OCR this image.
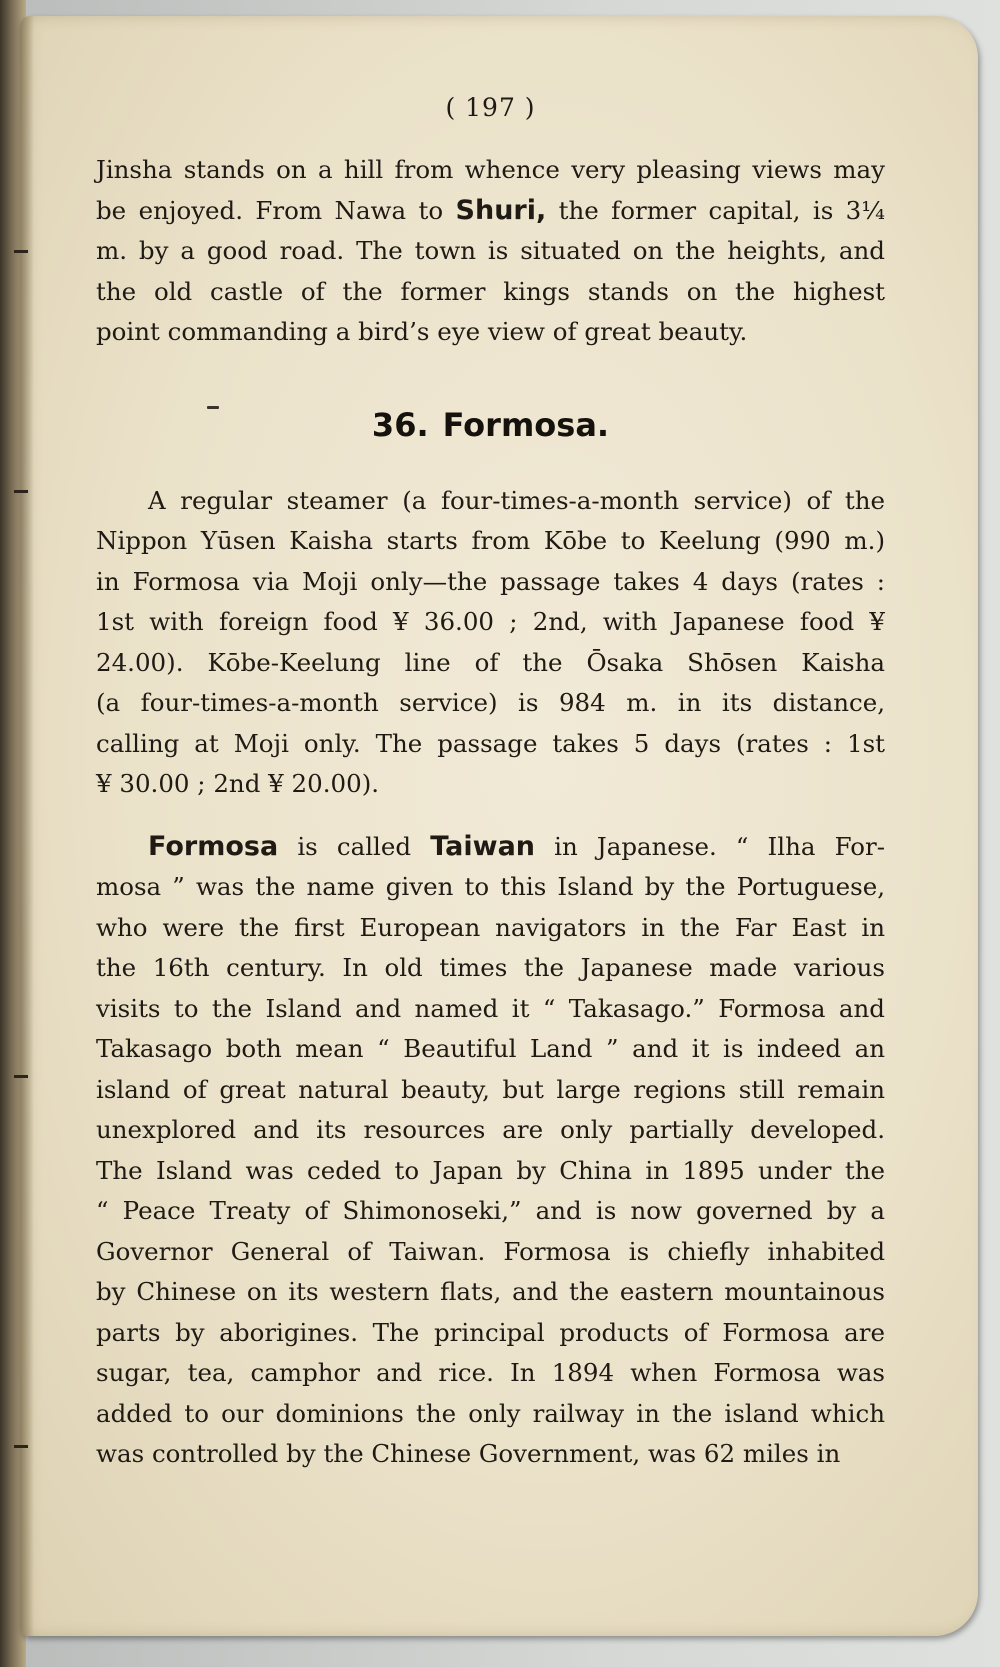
( 197 )

Jinsha stands on a hill from whence very pleasing views may
be enjoyed. From Nawa to Shuri, the former capital, is 3¼
m. by a good road. The town is situated on the heights, and
the old castle of the former kings stands on the highest
point commanding a bird’s eye view of great beauty.

36. Formosa.

A regular steamer (a four-times-a-month service) of the
Nippon Yūsen Kaisha starts from Kōbe to Keelung (990 m.)
in Formosa via Moji only—the passage takes 4 days (rates :
1st with foreign food ¥ 36.00 ; 2nd, with Japanese food ¥
24.00). Kōbe-Keelung line of the Ōsaka Shōsen Kaisha
(a four-times-a-month service) is 984 m. in its distance,
calling at Moji only. The passage takes 5 days (rates : 1st
¥ 30.00 ; 2nd ¥ 20.00).

Formosa is called Taiwan in Japanese. “ Ilha For-
mosa ” was the name given to this Island by the Portuguese,
who were the first European navigators in the Far East in
the 16th century. In old times the Japanese made various
visits to the Island and named it “ Takasago.” Formosa and
Takasago both mean “ Beautiful Land ” and it is indeed an
island of great natural beauty, but large regions still remain
unexplored and its resources are only partially developed.
The Island was ceded to Japan by China in 1895 under the
“ Peace Treaty of Shimonoseki,” and is now governed by a
Governor General of Taiwan. Formosa is chiefly inhabited
by Chinese on its western flats, and the eastern mountainous
parts by aborigines. The principal products of Formosa are
sugar, tea, camphor and rice. In 1894 when Formosa was
added to our dominions the only railway in the island which
was controlled by the Chinese Government, was 62 miles in
